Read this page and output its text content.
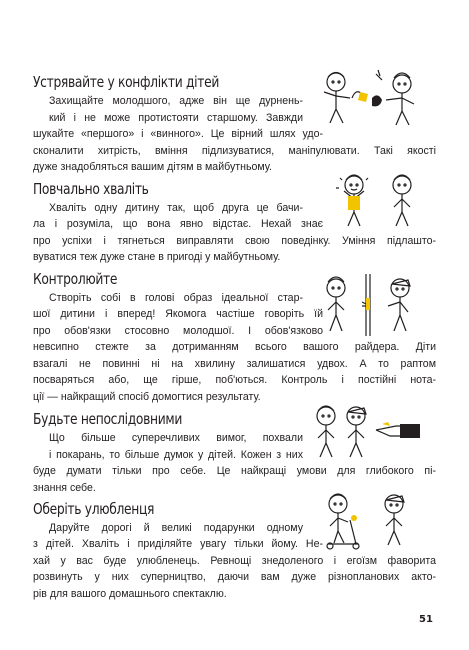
Устрявайте у конфлікти дітей
Захищайте молодшого, адже він ще дурнень-
кий і не може протистояти старшому. Завжди
шукайте «першого» і «винного». Це вірний шлях удо-
сконалити хитрість, вміння підлизуватися, маніпулювати. Такі якості
дуже знадобляться вашим дітям в майбутньому.
Повчально хваліть
Хваліть одну дитину так, щоб друга це бачи-
ла і розуміла, що вона явно відстає. Нехай знає
про успіхи і тягнеться виправляти свою поведінку. Уміння підлашто-
вуватися теж дуже стане в пригоді у майбутньому.
Контролюйте
Створіть собі в голові образ ідеальної стар-
шої дитини і вперед! Якомога частіше говоріть їй
про обов'язки стосовно молодшої. І обов'язково
невсипно стежте за дотриманням всього вашого райдера. Діти
взагалі не повинні ні на хвилину залишатися удвох. А то раптом
посваряться або, ще гірше, поб'ються. Контроль і постійні нота-
ції — найкращий спосіб домогтися результату.
Будьте непослідовними
Що більше суперечливих вимог, похвали
і покарань, то більше думок у дітей. Кожен з них
буде думати тільки про себе. Це найкращі умови для глибокого пі-
знання себе.
Оберіть улюбленця
Даруйте дорогі й великі подарунки одному
з дітей. Хваліть і приділяйте увагу тільки йому. Не-
хай у вас буде улюбленець. Ревнощі знедоленого і егоїзм фаворита
розвинуть у них суперництво, даючи вам дуже різнопланових акто-
рів для вашого домашнього спектаклю.
51
